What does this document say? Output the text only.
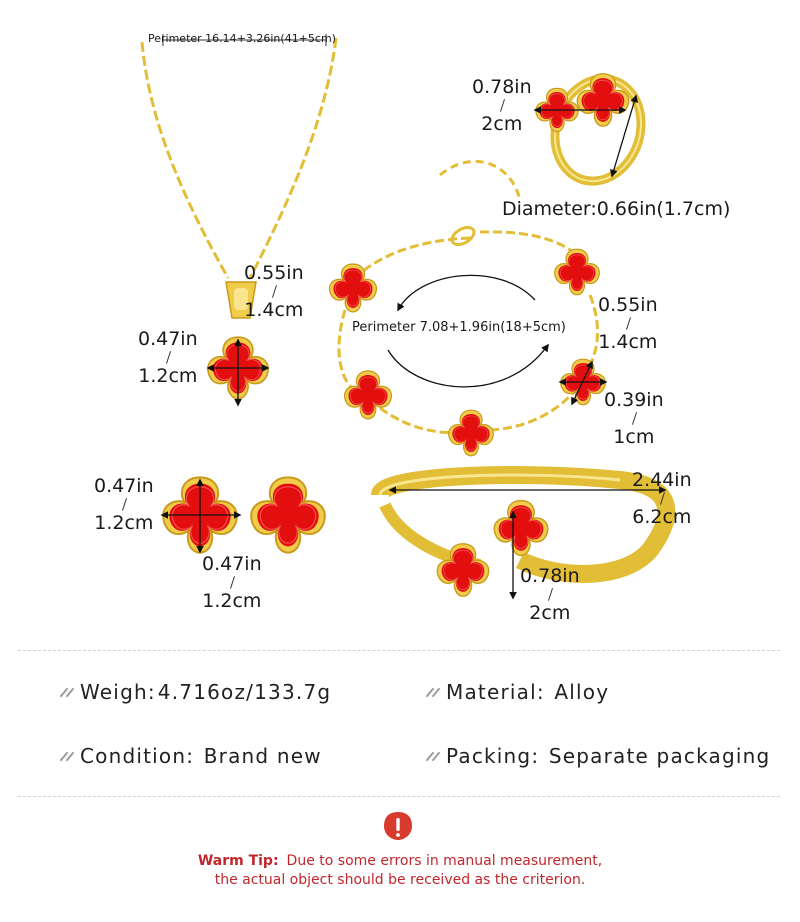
Perimeter 16.14+3.26in(41+5cm)
0.55in
1.4cm
0.47in
1.2cm
0.78in
2cm
Diameter:0.66in(1.7cm)
Perimeter 7.08+1.96in(18+5cm)
0.55in
1.4cm
0.39in
1cm
0.47in
1.2cm
0.47in
1.2cm
2.44in
6.2cm
0.78in
2cm
Weigh: 4.716oz/133.7g	Material: Alloy
Condition: Brand new	Packing: Separate packaging
Warm Tip: Due to some errors in manual measurement,
the actual object should be received as the criterion.
